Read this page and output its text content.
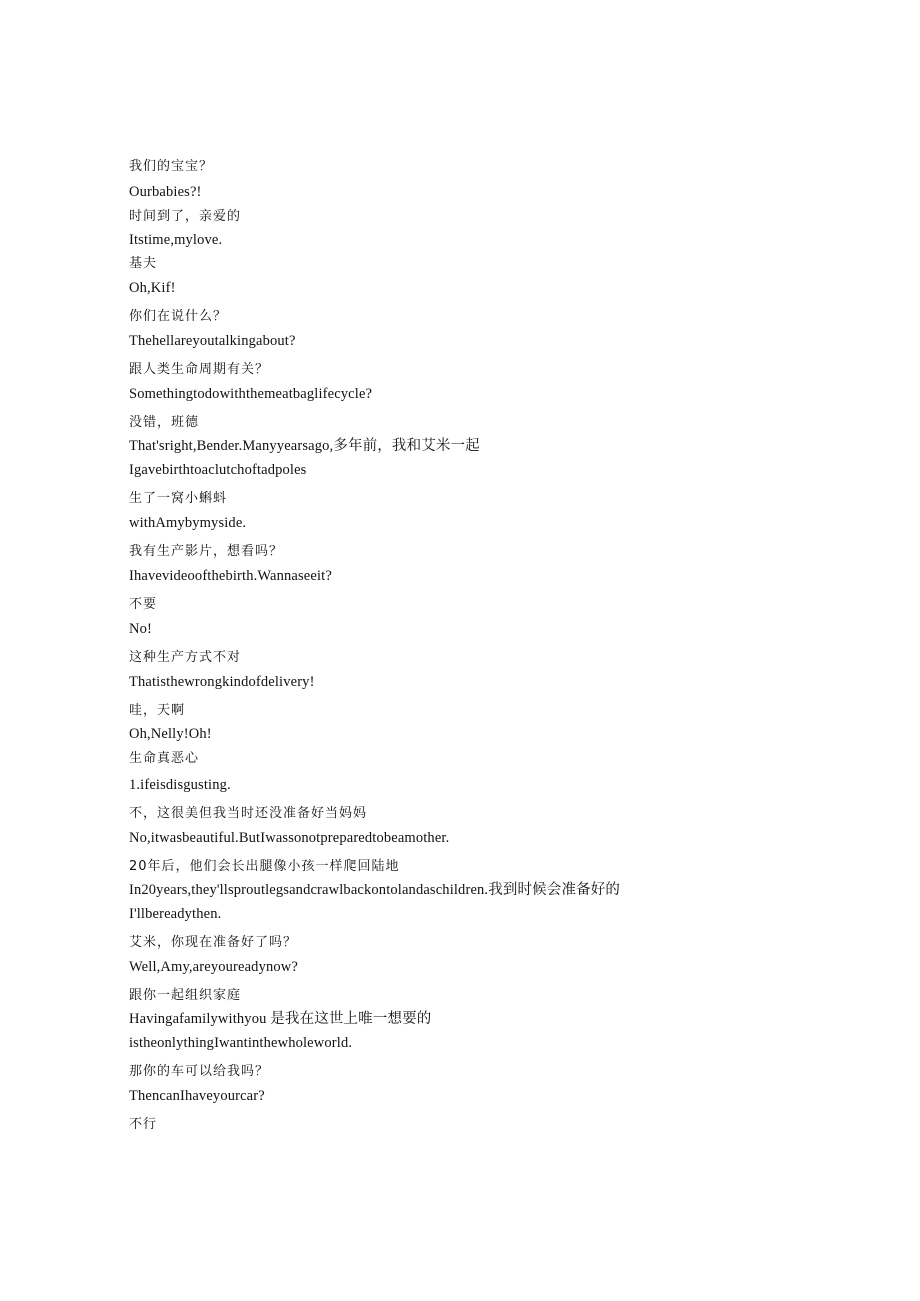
我们的宝宝？
Ourbabies?!
时间到了，亲爱的
Itstime,mylove.
基夫
Oh,Kif!
你们在说什么？
Thehellareyoutalkingabout?
跟人类生命周期有关？
Somethingtodowiththemeatbaglifecycle?
没错，班德
That'sright,Bender.Manyyearsago,多年前，我和艾米一起
Igavebirthtoaclutchoftadpoles
生了一窝小蝌蚪
withAmybymyside.
我有生产影片，想看吗？
Ihavevideoofthebirth.Wannaseeit?
不要
No!
这种生产方式不对
Thatisthewrongkindofdelivery!
哇，天啊
Oh,Nelly!Oh!
生命真恶心
1.ifeisdisgusting.
不，这很美但我当时还没准备好当妈妈
No,itwasbeautiful.ButIwassonotpreparedtobeamother.
20年后，他们会长出腿像小孩一样爬回陆地
In20years,they'llsproutlegsandcrawlbackontolandaschildren.我到时候会准备好的
I'llbereadythen.
艾米，你现在准备好了吗？
Well,Amy,areyoureadynow?
跟你一起组织家庭
Havingafamilywithyou 是我在这世上唯一想要的
istheonlythingIwantinthewholeworld.
那你的车可以给我吗？
ThencanIhaveyourcar?
不行
